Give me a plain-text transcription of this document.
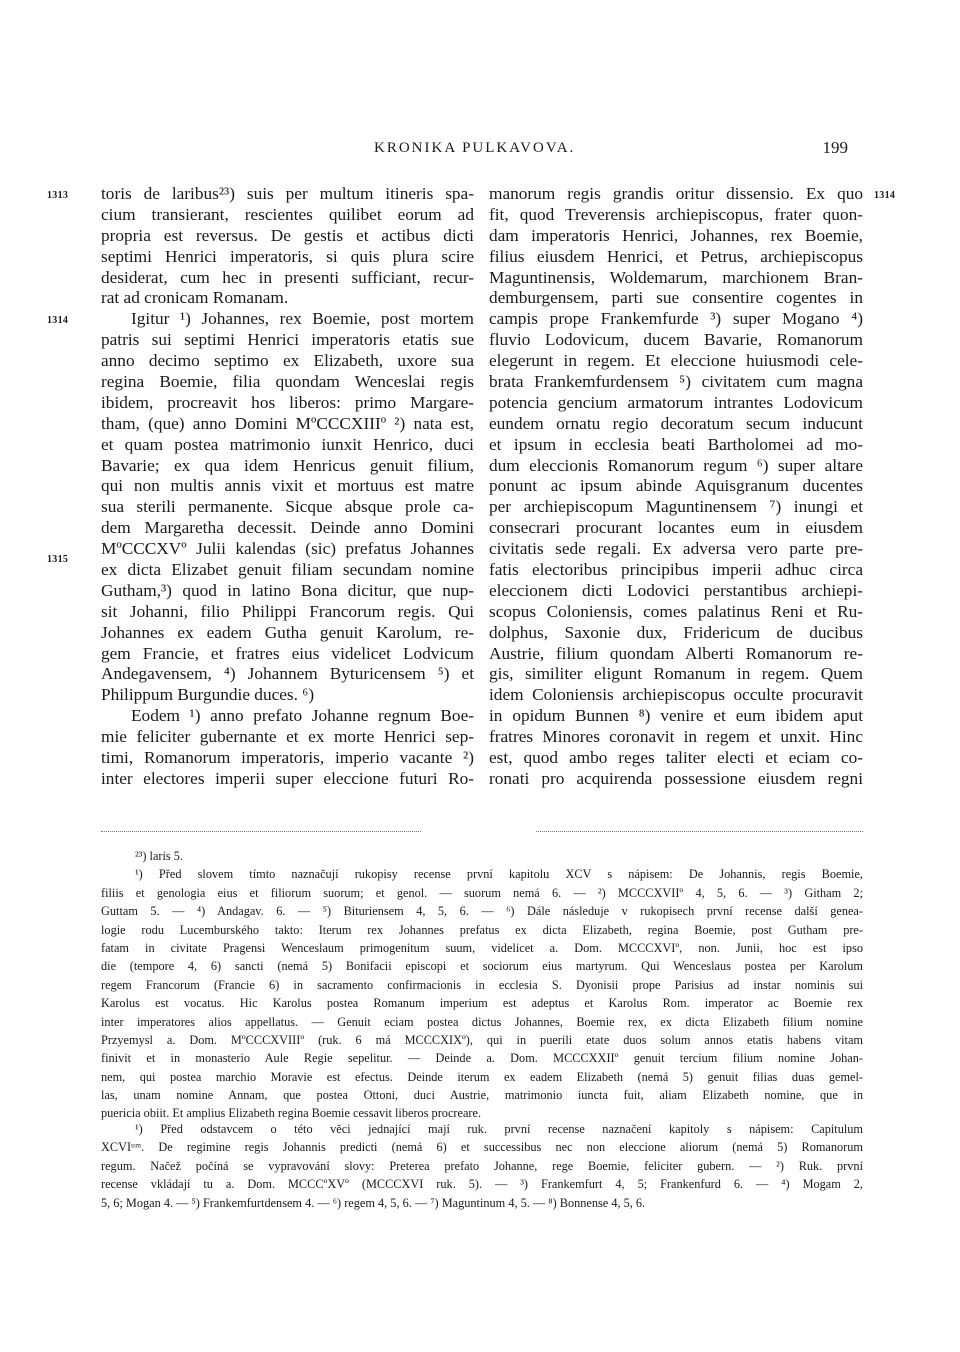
KRONIKA PULKAVOVA.	199
1313
1314
1315
1314
toris de laribus²³) suis per multum itineris spa-
cium transierant, rescientes quilibet eorum ad
propria est reversus. De gestis et actibus dicti
septimi Henrici imperatoris, si quis plura scire
desiderat, cum hec in presenti sufficiant, recur-
rat ad cronicam Romanam.
Igitur ¹) Johannes, rex Boemie, post mortem
patris sui septimi Henrici imperatoris etatis sue
anno decimo septimo ex Elizabeth, uxore sua
regina Boemie, filia quondam Wenceslai regis
ibidem, procreavit hos liberos: primo Margare-
tham, (que) anno Domini MºCCCXIIIº ²) nata est,
et quam postea matrimonio iunxit Henrico, duci
Bavarie; ex qua idem Henricus genuit filium,
qui non multis annis vixit et mortuus est matre
sua sterili permanente. Sicque absque prole ca-
dem Margaretha decessit. Deinde anno Domini
MºCCCXVº Julii kalendas (sic) prefatus Johannes
ex dicta Elizabet genuit filiam secundam nomine
Gutham,³) quod in latino Bona dicitur, que nup-
sit Johanni, filio Philippi Francorum regis. Qui
Johannes ex eadem Gutha genuit Karolum, re-
gem Francie, et fratres eius videlicet Lodvicum
Andegavensem, ⁴) Johannem Byturicensem ⁵) et
Philippum Burgundie duces. ⁶)
Eodem ¹) anno prefato Johanne regnum Boe-
mie feliciter gubernante et ex morte Henrici sep-
timi, Romanorum imperatoris, imperio vacante ²)
inter electores imperii super eleccione futuri Ro-
manorum regis grandis oritur dissensio. Ex quo
fit, quod Treverensis archiepiscopus, frater quon-
dam imperatoris Henrici, Johannes, rex Boemie,
filius eiusdem Henrici, et Petrus, archiepiscopus
Maguntinensis, Woldemarum, marchionem Bran-
demburgensem, parti sue consentire cogentes in
campis prope Frankemfurde ³) super Mogano ⁴)
fluvio Lodovicum, ducem Bavarie, Romanorum
elegerunt in regem. Et eleccione huiusmodi cele-
brata Frankemfurdensem ⁵) civitatem cum magna
potencia gencium armatorum intrantes Lodovicum
eundem ornatu regio decoratum secum inducunt
et ipsum in ecclesia beati Bartholomei ad mo-
dum eleccionis Romanorum regum ⁶) super altare
ponunt ac ipsum abinde Aquisgranum ducentes
per archiepiscopum Maguntinensem ⁷) inungi et
consecrari procurant locantes eum in eiusdem
civitatis sede regali. Ex adversa vero parte pre-
fatis electoribus principibus imperii adhuc circa
eleccionem dicti Lodovici perstantibus archiepi-
scopus Coloniensis, comes palatinus Reni et Ru-
dolphus, Saxonie dux, Fridericum de ducibus
Austrie, filium quondam Alberti Romanorum re-
gis, similiter eligunt Romanum in regem. Quem
idem Coloniensis archiepiscopus occulte procuravit
in opidum Bunnen ⁸) venire et eum ibidem aput
fratres Minores coronavit in regem et unxit. Hinc
est, quod ambo reges taliter electi et eciam co-
ronati pro acquirenda possessione eiusdem regni
²³) laris 5.
¹) Před slovem tímto naznačují rukopisy recense první kapitolu XCV s nápisem: De Johannis, regis Boemie,
filiis et genologia eius et filiorum suorum; et genol. — suorum nemá 6. — ²) MCCCXVIIº 4, 5, 6. — ³) Githam 2;
Guttam 5. — ⁴) Andagav. 6. — ⁵) Bituriensem 4, 5, 6. — ⁶) Dále následuje v rukopisech první recense další genea-
logie rodu Lucemburského takto: Iterum rex Johannes prefatus ex dicta Elizabeth, regina Boemie, post Gutham pre-
fatam in civitate Pragensi Wenceslaum primogenitum suum, videlicet a. Dom. MCCCXVIº, non. Junii, hoc est ipso
die (tempore 4, 6) sancti (nemá 5) Bonifacii episcopi et sociorum eius martyrum. Qui Wenceslaus postea per Karolum
regem Francorum (Francie 6) in sacramento confirmacionis in ecclesia S. Dyonisii prope Parisius ad instar nominis sui
Karolus est vocatus. Hic Karolus postea Romanum imperium est adeptus et Karolus Rom. imperator ac Boemie rex
inter imperatores alios appellatus. — Genuit eciam postea dictus Johannes, Boemie rex, ex dicta Elizabeth filium nomine
Przyemysl a. Dom. MºCCCXVIIIº (ruk. 6 má MCCCXIXº), qui in puerili etate duos solum annos etatis habens vitam
finivit et in monasterio Aule Regie sepelitur. — Deinde a. Dom. MCCCXXIIº genuit tercium filium nomine Johan-
nem, qui postea marchio Moravie est efectus. Deinde iterum ex eadem Elizabeth (nemá 5) genuit filias duas gemel-
las, unam nomine Annam, que postea Ottoni, duci Austrie, matrimonio iuncta fuit, aliam Elizabeth nomine, que in
puericia obiit. Et amplius Elizabeth regina Boemie cessavit liberos procreare.
¹) Před odstavcem o této věci jednající mají ruk. první recense naznačení kapitoly s nápisem: Capitulum
XCVIᵘᵐ. De regimine regis Johannis predicti (nemá 6) et successibus nec non eleccione aliorum (nemá 5) Romanorum
regum. Načež počíná se vypravování slovy: Preterea prefato Johanne, rege Boemie, feliciter gubern. — ²) Ruk. první
recense vkládají tu a. Dom. MCCCºXVº (MCCCXVI ruk. 5). — ³) Frankemfurt 4, 5; Frankenfurd 6. — ⁴) Mogam 2,
5, 6; Mogan 4. — ⁵) Frankemfurtdensem 4. — ⁶) regem 4, 5, 6. — ⁷) Maguntinum 4, 5. — ⁸) Bonnense 4, 5, 6.
